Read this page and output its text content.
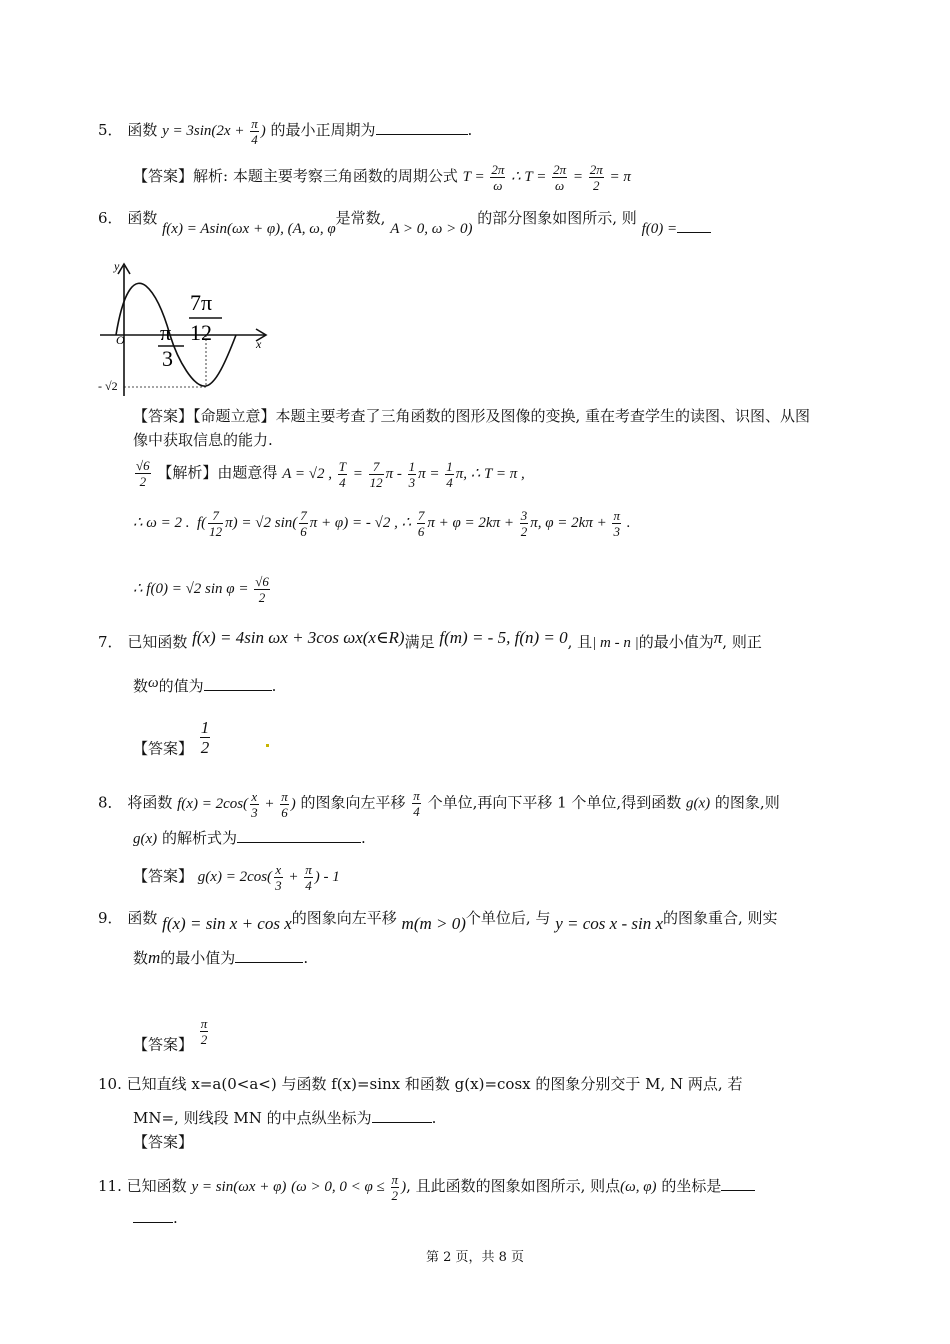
5． 函数 $y = 3\sin(2x + \frac{\pi}{4}$ ) 的最小正周期为	.
【答案】解析: 本题主要考察三角函数的周期公式 $T = \frac{2\pi}{\omega}$ ∴ $T = \frac{2\pi}{\omega} = \frac{2\pi}{2} = \pi$
6． 函数 f(x) = Asin(ωx + φ), (A, ω, φ是常数, A > 0, ω > 0) 的部分图象如图所示, 则 f(0) =
y
x
O
- √2
7π
12
π
3
【答案】【命题立意】本题主要考查了三角函数的图形及图像的变换, 重在考查学生的读图、识图、从图
像中获取信息的能力.
$\frac{√6}{2}$ 【解析】由题意得 A = √2 , $\frac{T}{4} = \frac{7}{12}$ π - $\frac{1}{3}$ $\pi = \frac{1}{4} \pi$, ∴ T = π ,
∴ ω = 2 .  $f( \frac{7}{12} \pi) = √2$ $\sin( \frac{7}{6}$ π + φ) = - √2 , ∴ $\frac{7}{6}$ $\pi + \varphi = 2k\pi + \frac{3}{2} \pi$, $\varphi = 2k\pi + \frac{\pi}{3}$ .
∴ f(0) = √2 $\sin \varphi = \frac{√6}{2}$
7． 已知函数 f(x) = 4sin ωx + 3cos ωx(x∈R)满足 f(m) = - 5, f(n) = 0, 且| m - n |的最小值为π, 则正
数ω的值为	.
【答案】 $\frac{1}{2}$
8． 将函数 $f(x) = 2\cos( \frac{x}{3} + \frac{\pi}{6}$ ) 的图象向左平移 $\frac{\pi}{4}$ 个单位,再向下平移 1 个单位,得到函数 g(x) 的图象,则
g(x) 的解析式为	.
【答案】 $g(x) = 2\cos( \frac{x}{3} + \frac{\pi}{4}$ ) - 1
9． 函数 f(x) = sin x + cos x的图象向左平移 m(m > 0)个单位后, 与 y = cos x - sin x的图象重合, 则实
数m的最小值为	.
【答案】 $\frac{\pi}{2}$
10. 已知直线 x=a(0<a<) 与函数 f(x)=sinx 和函数 g(x)=cosx 的图象分别交于 M, N 两点, 若
MN=, 则线段 MN 的中点纵坐标为	.
【答案】
11. 已知函数 y = sin(ωx + φ) (ω > 0, $0 < \varphi \le \frac{\pi}{2}$ ), 且此函数的图象如图所示, 则点(ω, φ) 的坐标是
.
第 2 页，共 8 页
